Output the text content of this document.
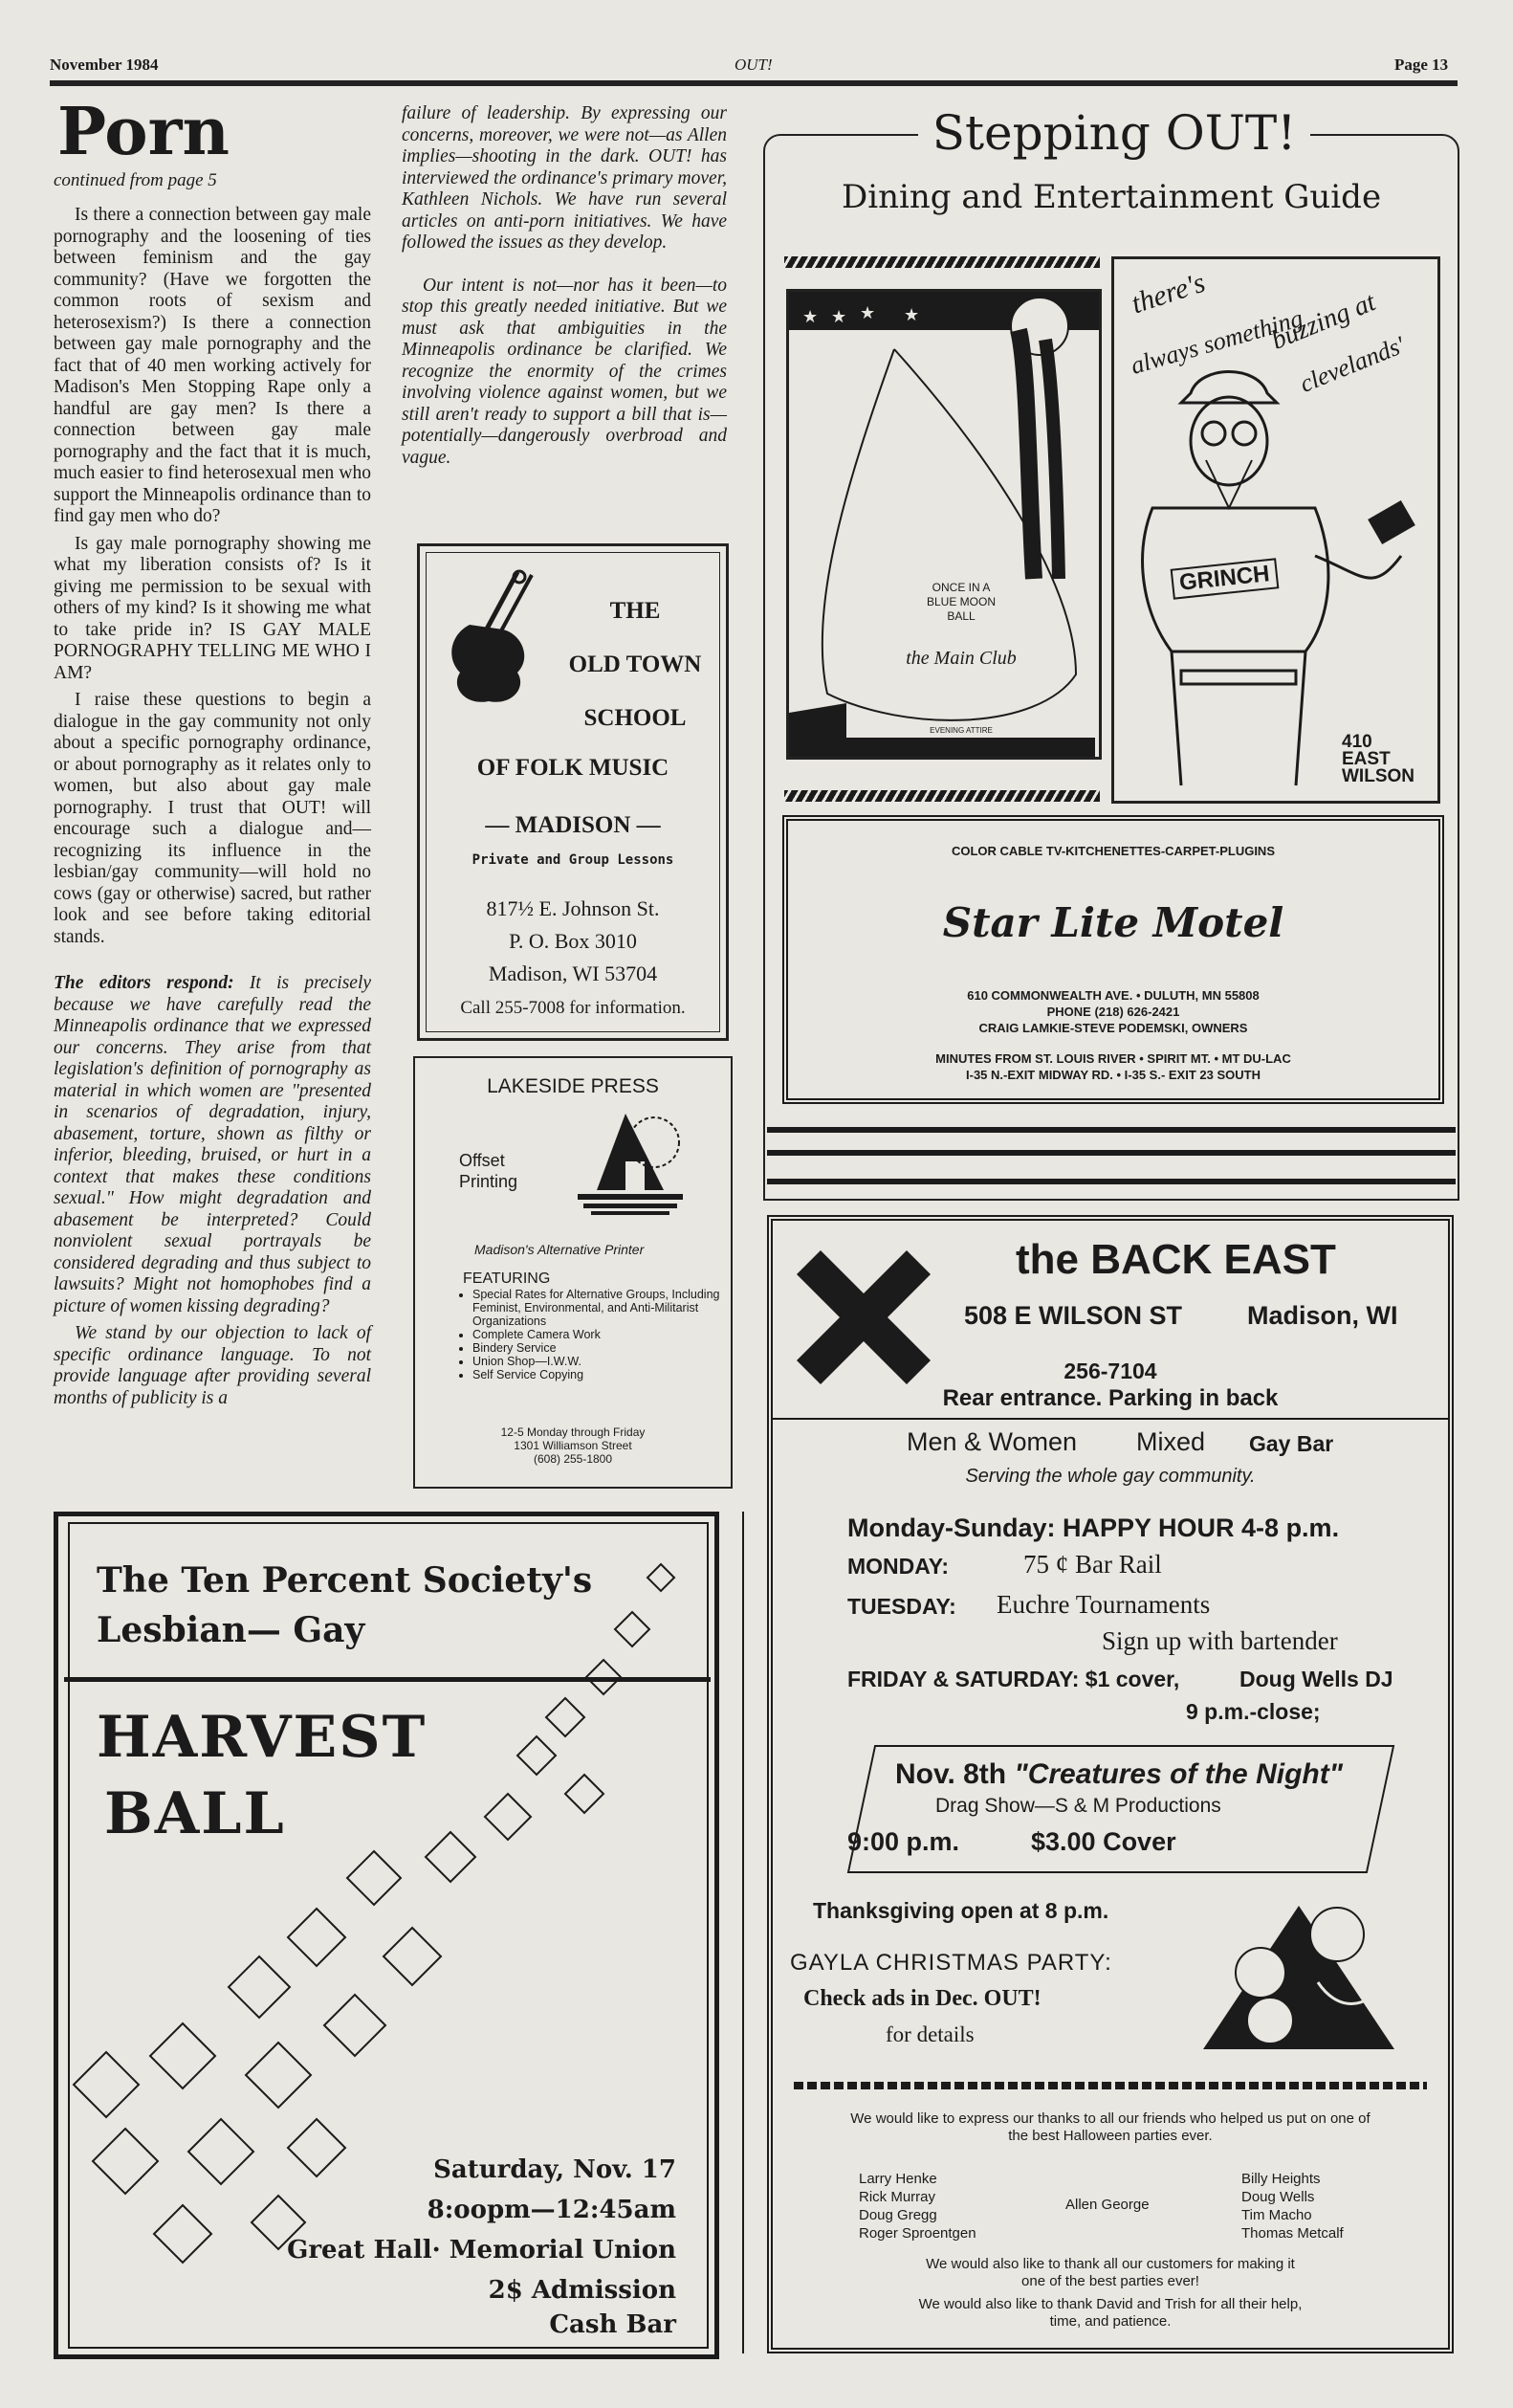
November 1984	OUT!	Page 13
Porn
continued from page 5

Is there a connection between gay male pornography and the loosening of ties between feminism and the gay community? (Have we forgotten the common roots of sexism and heterosexism?) Is there a connection between gay male pornography and the fact that of 40 men working actively for Madison's Men Stopping Rape only a handful are gay men? Is there a connection between gay male pornography and the fact that it is much, much easier to find heterosexual men who support the Minneapolis ordinance than to find gay men who do?

Is gay male pornography showing me what my liberation consists of? Is it giving me permission to be sexual with others of my kind? Is it showing me what to take pride in? IS GAY MALE PORNOGRAPHY TELLING ME WHO I AM?

I raise these questions to begin a dialogue in the gay community not only about a specific pornography ordinance, or about pornography as it relates only to women, but also about gay male pornography. I trust that OUT! will encourage such a dialogue and—recognizing its influence in the lesbian/gay community—will hold no cows (gay or otherwise) sacred, but rather look and see before taking editorial stands.

The editors respond: It is precisely because we have carefully read the Minneapolis ordinance that we expressed our concerns. They arise from that legislation's definition of pornography as material in which women are "presented in scenarios of degradation, injury, abasement, torture, shown as filthy or inferior, bleeding, bruised, or hurt in a context that makes these conditions sexual." How might degradation and abasement be interpreted? Could nonviolent sexual portrayals be considered degrading and thus subject to lawsuits? Might not homophobes find a picture of women kissing degrading?

We stand by our objection to lack of specific ordinance language. To not provide language after providing several months of publicity is a

failure of leadership. By expressing our concerns, moreover, we were not—as Allen implies—shooting in the dark. OUT! has interviewed the ordinance's primary mover, Kathleen Nichols. We have run several articles on anti-porn initiatives. We have followed the issues as they develop.

Our intent is not—nor has it been—to stop this greatly needed initiative. But we must ask that ambiguities in the Minneapolis ordinance be clarified. We recognize the enormity of the crimes involving violence against women, but we still aren't ready to support a bill that is—potentially—dangerously overbroad and vague.

THE
OLD TOWN
SCHOOL
OF FOLK MUSIC
— MADISON —
Private and Group Lessons
817½ E. Johnson St.
P. O. Box 3010
Madison, WI 53704
Call 255-7008 for information.
LAKESIDE PRESS
Offset
Printing
Madison's Alternative Printer
FEATURING
• Special Rates for Alternative Groups, Including Feminist, Environmental, and Anti-Militarist Organizations
• Complete Camera Work
• Bindery Service
• Union Shop—I.W.W.
• Self Service Copying
12-5 Monday through Friday
1301 Williamson Street
(608) 255-1800
Stepping OUT!
Dining and Entertainment Guide
★ ★ ★ ★
ONCE IN A
BLUE MOON
BALL
the Main Club
EVENING ATTIRE
there's
always something
buzzing at
clevelands'
GRINCH
410
EAST
WILSON
COLOR CABLE TV-KITCHENETTES-CARPET-PLUGINS
Star Lite Motel
610 COMMONWEALTH AVE. • DULUTH, MN 55808
PHONE (218) 626-2421
CRAIG LAMKIE-STEVE PODEMSKI, OWNERS
MINUTES FROM ST. LOUIS RIVER • SPIRIT MT. • MT DU-LAC
I-35 N.-EXIT MIDWAY RD. • I-35 S.- EXIT 23 SOUTH
the BACK EAST
508 E WILSON ST	Madison, WI
256-7104
Rear entrance. Parking in back
Men & Women Mixed Gay Bar
Serving the whole gay community.
Monday-Sunday: HAPPY HOUR 4-8 p.m.
MONDAY:	75 ¢ Bar Rail
TUESDAY: Euchre Tournaments
Sign up with bartender
FRIDAY & SATURDAY: $1 cover,	Doug Wells DJ
9 p.m.-close;
Nov. 8th "Creatures of the Night"
Drag Show—S & M Productions
9:00 p.m.	$3.00 Cover
Thanksgiving open at 8 p.m.
GAYLA CHRISTMAS PARTY:
Check ads in Dec. OUT!
for details
We would like to express our thanks to all our friends who helped us put on one of the best Halloween parties ever.
Larry Henke
Rick Murray
Doug Gregg
Roger Sproentgen
Allen George
Billy Heights
Doug Wells
Tim Macho
Thomas Metcalf
We would also like to thank all our customers for making it one of the best parties ever!
We would also like to thank David and Trish for all their help, time, and patience.
The Ten Percent Society's
Lesbian— Gay
HARVEST
BALL
Saturday, Nov. 17
8:oopm—12:45am
Great Hall· Memorial Union
2$ Admission
Cash Bar
